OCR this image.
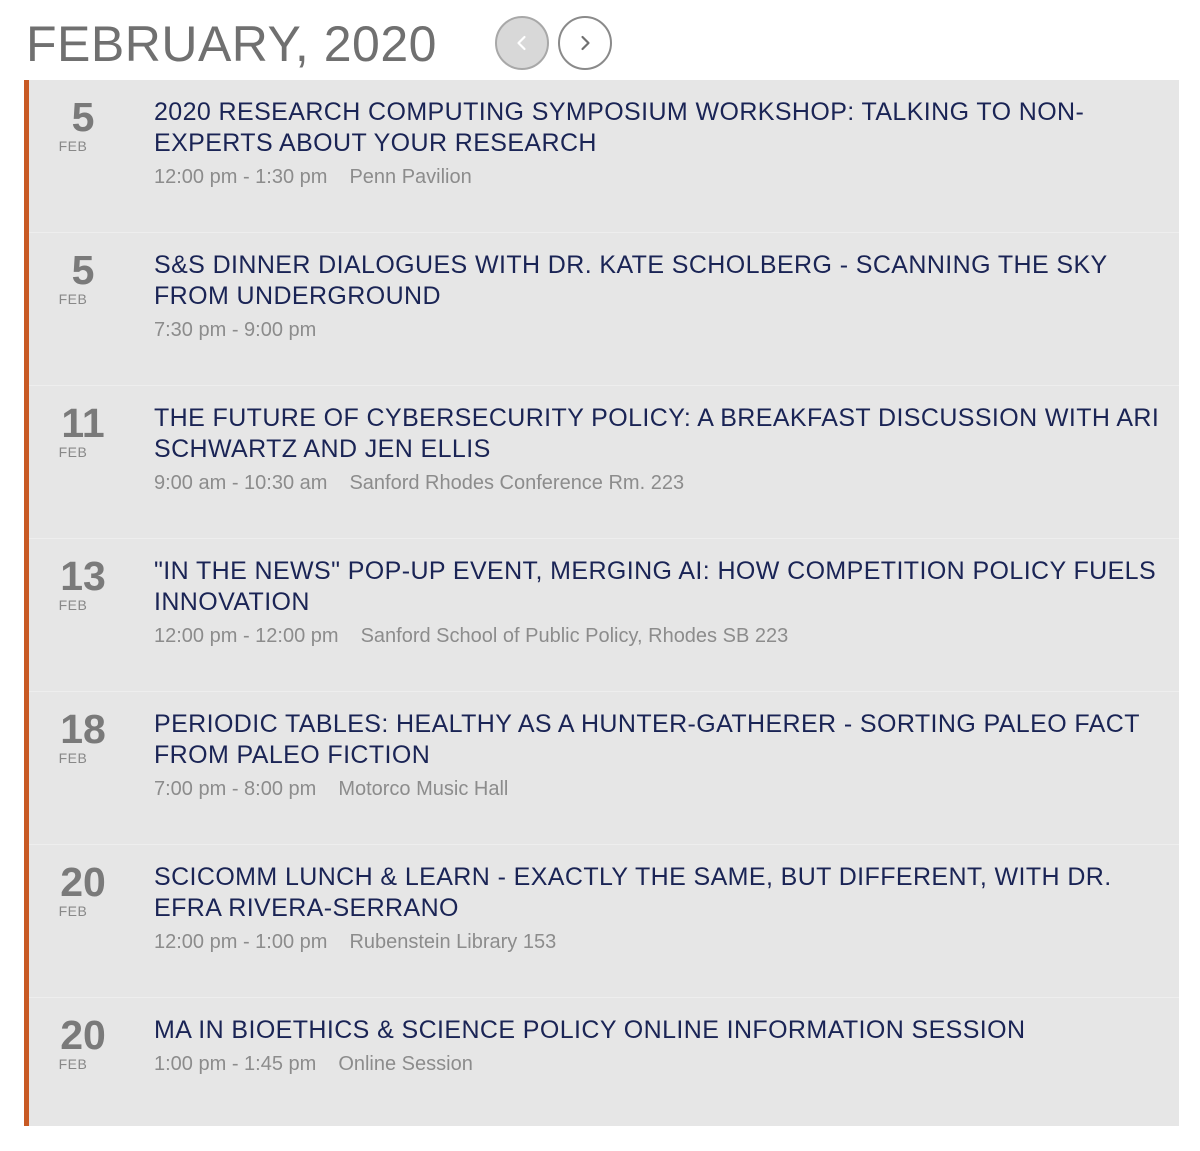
FEBRUARY, 2020
5
FEB
2020 RESEARCH COMPUTING SYMPOSIUM WORKSHOP: TALKING TO NON-EXPERTS ABOUT YOUR RESEARCH
12:00 pm - 1:30 pm Penn Pavilion
5
FEB
S&S DINNER DIALOGUES WITH DR. KATE SCHOLBERG - SCANNING THE SKY FROM UNDERGROUND
7:30 pm - 9:00 pm
11
FEB
THE FUTURE OF CYBERSECURITY POLICY: A BREAKFAST DISCUSSION WITH ARI SCHWARTZ AND JEN ELLIS
9:00 am - 10:30 am Sanford Rhodes Conference Rm. 223
13
FEB
"IN THE NEWS" POP-UP EVENT, MERGING AI: HOW COMPETITION POLICY FUELS INNOVATION
12:00 pm - 12:00 pm Sanford School of Public Policy, Rhodes SB 223
18
FEB
PERIODIC TABLES: HEALTHY AS A HUNTER-GATHERER - SORTING PALEO FACT FROM PALEO FICTION
7:00 pm - 8:00 pm Motorco Music Hall
20
FEB
SCICOMM LUNCH & LEARN - EXACTLY THE SAME, BUT DIFFERENT, WITH DR. EFRA RIVERA-SERRANO
12:00 pm - 1:00 pm Rubenstein Library 153
20
FEB
MA IN BIOETHICS & SCIENCE POLICY ONLINE INFORMATION SESSION
1:00 pm - 1:45 pm Online Session
